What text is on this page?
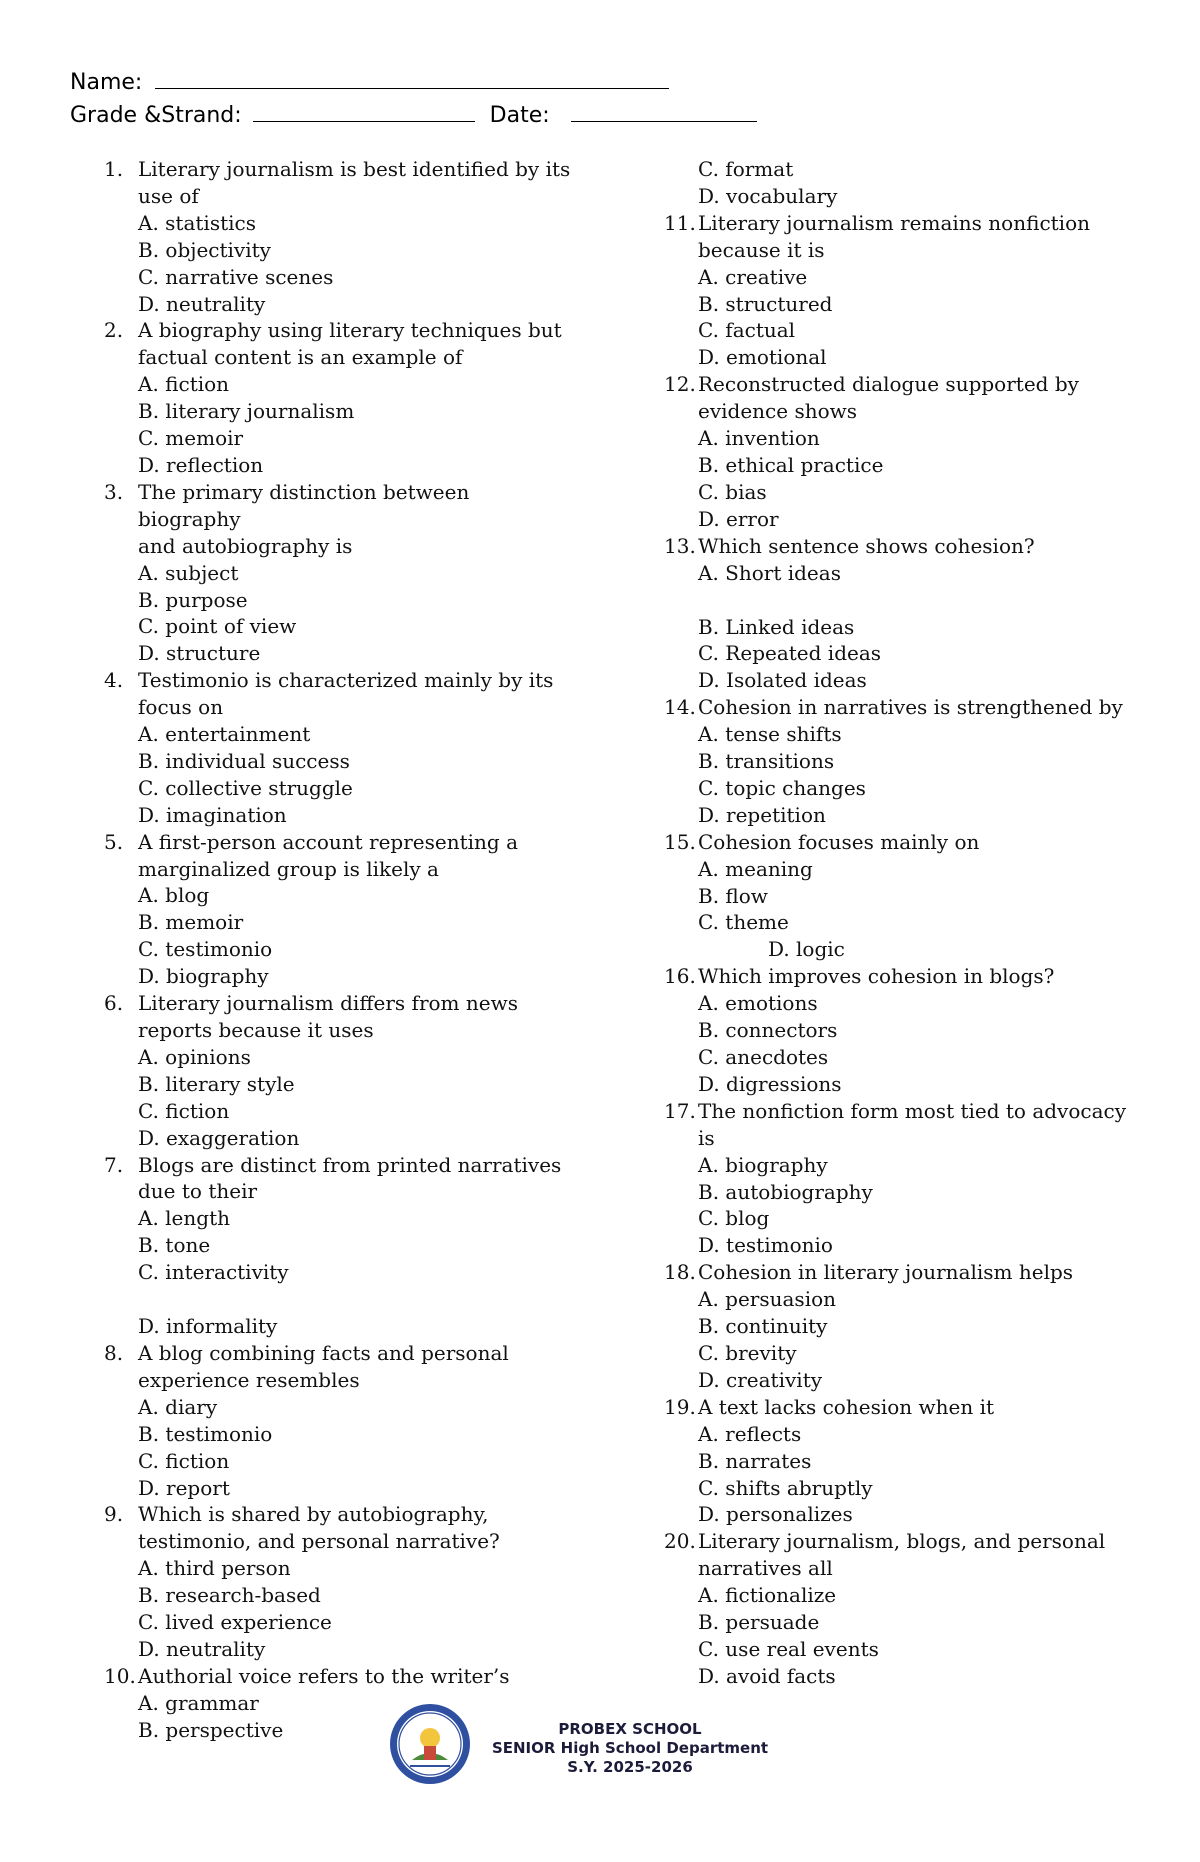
Name:
Grade &Strand:	Date:
1. Literary journalism is best identified by its
use of
A. statistics
B. objectivity
C. narrative scenes
D. neutrality
2. A biography using literary techniques but
factual content is an example of
A. fiction
B. literary journalism
C. memoir
D. reflection
3. The primary distinction between biography
and autobiography is
A. subject
B. purpose
C. point of view
D. structure
4. Testimonio is characterized mainly by its
focus on
A. entertainment
B. individual success
C. collective struggle
D. imagination
5. A first-person account representing a
marginalized group is likely a
A. blog
B. memoir
C. testimonio
D. biography
6. Literary journalism differs from news
reports because it uses
A. opinions
B. literary style
C. fiction
D. exaggeration
7. Blogs are distinct from printed narratives
due to their
A. length
B. tone
C. interactivity
D. informality
8. A blog combining facts and personal
experience resembles
A. diary
B. testimonio
C. fiction
D. report
9. Which is shared by autobiography,
testimonio, and personal narrative?
A. third person
B. research-based
C. lived experience
D. neutrality
10. Authorial voice refers to the writer’s
A. grammar
B. perspective
C. format
D. vocabulary
11. Literary journalism remains nonfiction
because it is
A. creative
B. structured
C. factual
D. emotional
12. Reconstructed dialogue supported by
evidence shows
A. invention
B. ethical practice
C. bias
D. error
13. Which sentence shows cohesion?
A. Short ideas
B. Linked ideas
C. Repeated ideas
D. Isolated ideas
14. Cohesion in narratives is strengthened by
A. tense shifts
B. transitions
C. topic changes
D. repetition
15. Cohesion focuses mainly on
A. meaning
B. flow
C. theme
D. logic
16. Which improves cohesion in blogs?
A. emotions
B. connectors
C. anecdotes
D. digressions
17. The nonfiction form most tied to advocacy
is
A. biography
B. autobiography
C. blog
D. testimonio
18. Cohesion in literary journalism helps
A. persuasion
B. continuity
C. brevity
D. creativity
19. A text lacks cohesion when it
A. reflects
B. narrates
C. shifts abruptly
D. personalizes
20. Literary journalism, blogs, and personal
narratives all
A. fictionalize
B. persuade
C. use real events
D. avoid facts
PROBEX SCHOOL
SENIOR High School Department
S.Y. 2025-2026
